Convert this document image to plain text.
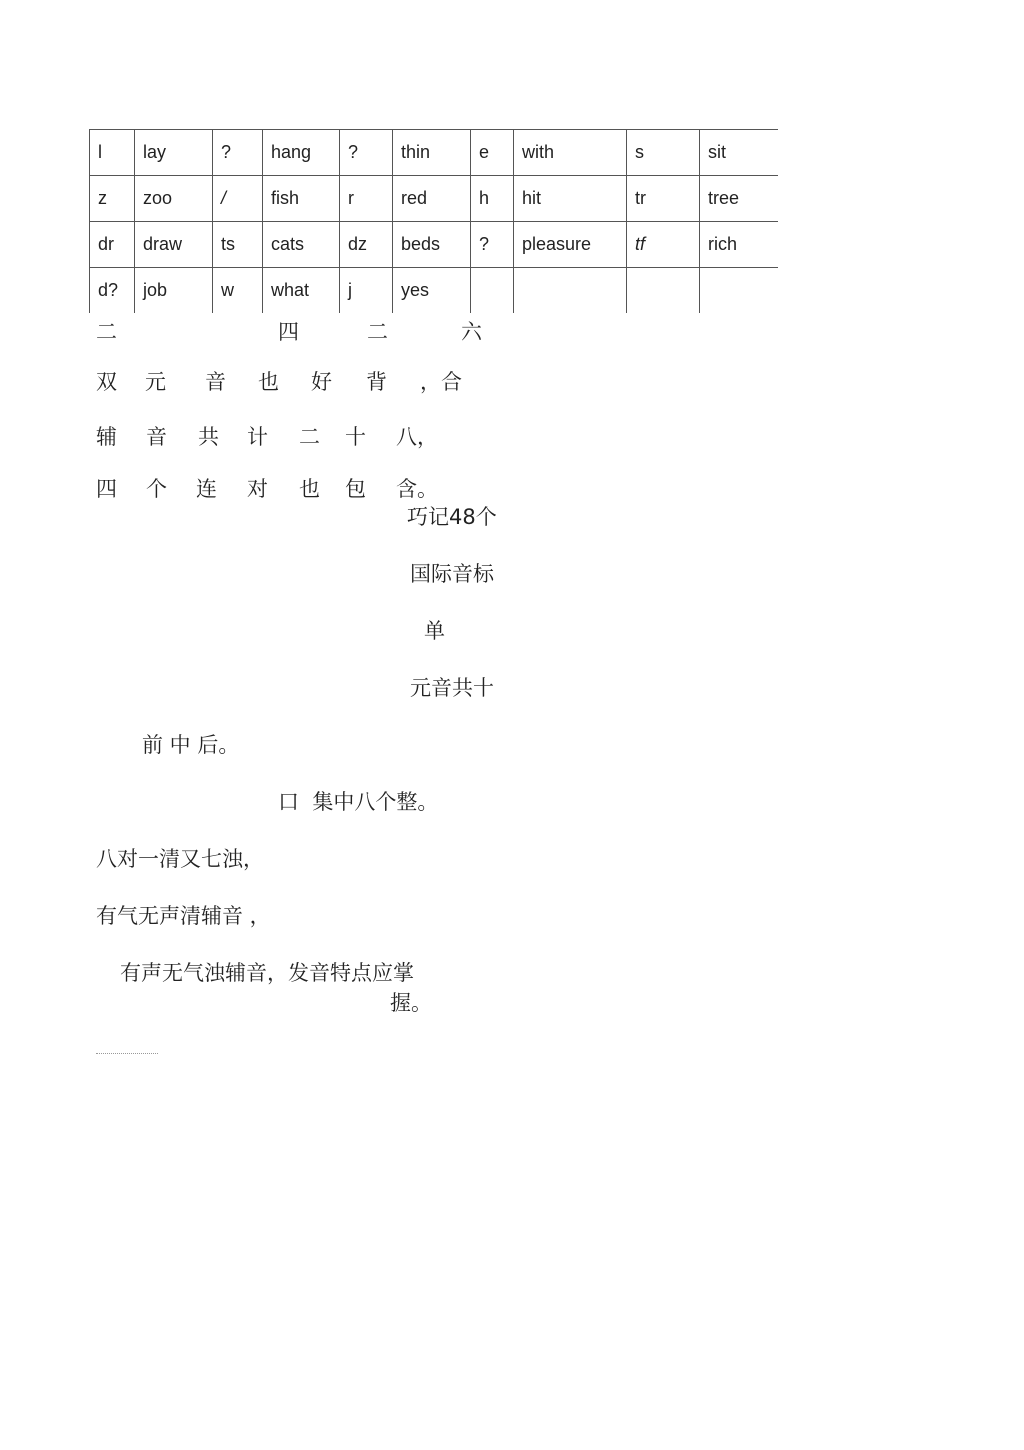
l	lay	?	hang	?	thin	e	with	s	sit
z	zoo	/	fish	r	red	h	hit	tr	tree
dr	draw	ts	cats	dz	beds	?	pleasure	tf	rich
d?	job	w	what	j	yes				
二	四	二	六
双 元 音 也 好 背 ，合
辅 音 共 计 二 十 八，
四 个 连 对 也 包 含。
巧记48个
国际音标
单
元音共十
前 中 后。
口  集中八个整。
八对一清又七浊，
有气无声清辅音 ，
有声无气浊辅音，发音特点应掌
握。
